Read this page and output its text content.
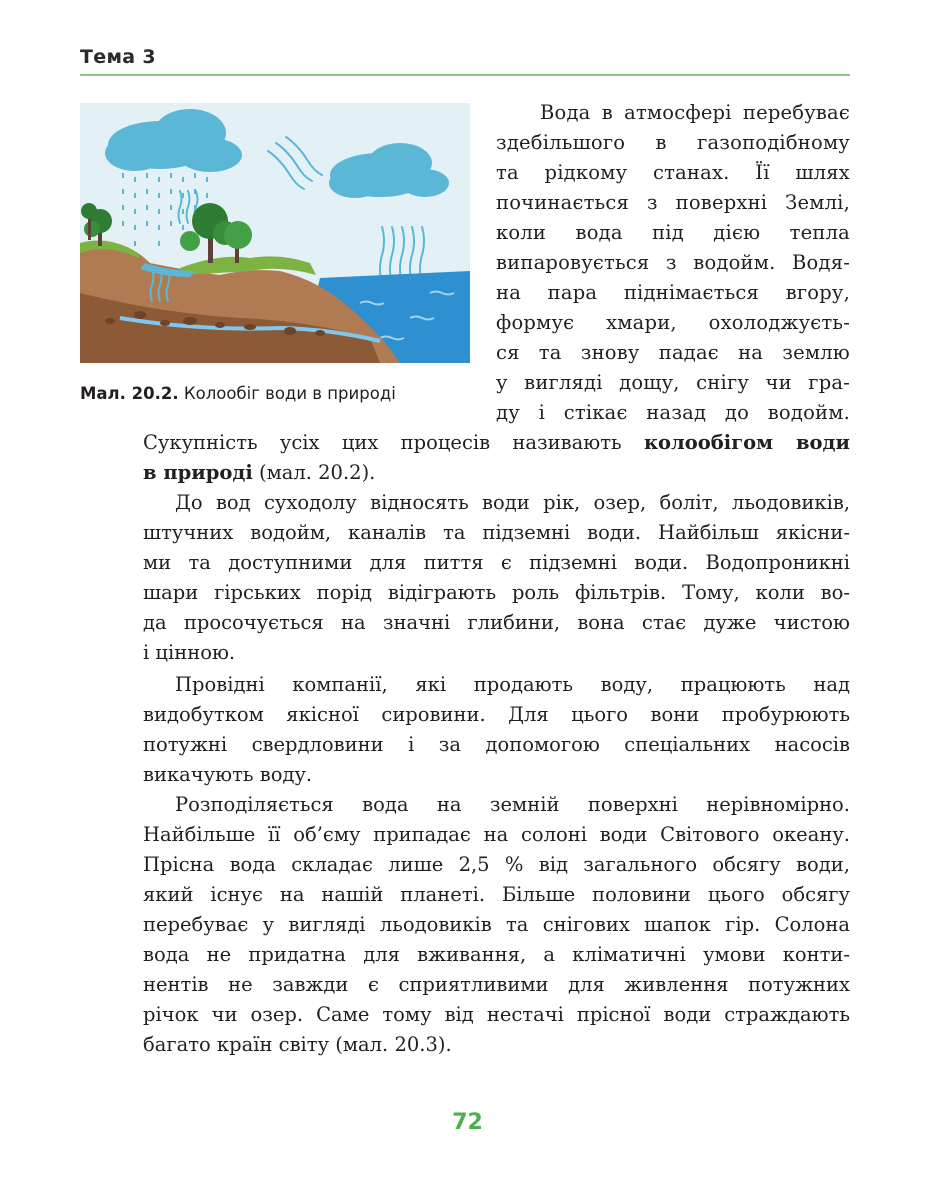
Тема 3
Мал. 20.2. Колообіг води в природі
Вода в атмосфері перебуває
здебільшого в газоподібному
та рідкому станах. Її шлях
починається з поверхні Землі,
коли вода під дією тепла
випаровується з водойм. Водя-
на пара піднімається вгору,
формує хмари, охолоджуєть-
ся та знову падає на землю
у вигляді дощу, снігу чи гра-
ду і стікає назад до водойм.
Сукупність усіх цих процесів називають колообігом води
в природі (мал. 20.2).
До вод суходолу відносять води рік, озер, боліт, льодовиків,
штучних водойм, каналів та підземні води. Найбільш якісни-
ми та доступними для пиття є підземні води. Водопроникні
шари гірських порід відіграють роль фільтрів. Тому, коли во-
да просочується на значні глибини, вона стає дуже чистою
і цінною.
Провідні компанії, які продають воду, працюють над
видобутком якісної сировини. Для цього вони пробурюють
потужні свердловини і за допомогою спеціальних насосів
викачують воду.
Розподіляється вода на земній поверхні нерівномірно.
Найбільше її об’єму припадає на солоні води Світового океану.
Прісна вода складає лише 2,5 % від загального обсягу води,
який існує на нашій планеті. Більше половини цього обсягу
перебуває у вигляді льодовиків та снігових шапок гір. Солона
вода не придатна для вживання, а кліматичні умови конти-
нентів не завжди є сприятливими для живлення потужних
річок чи озер. Саме тому від нестачі прісної води страждають
багато країн світу (мал. 20.3).
72
